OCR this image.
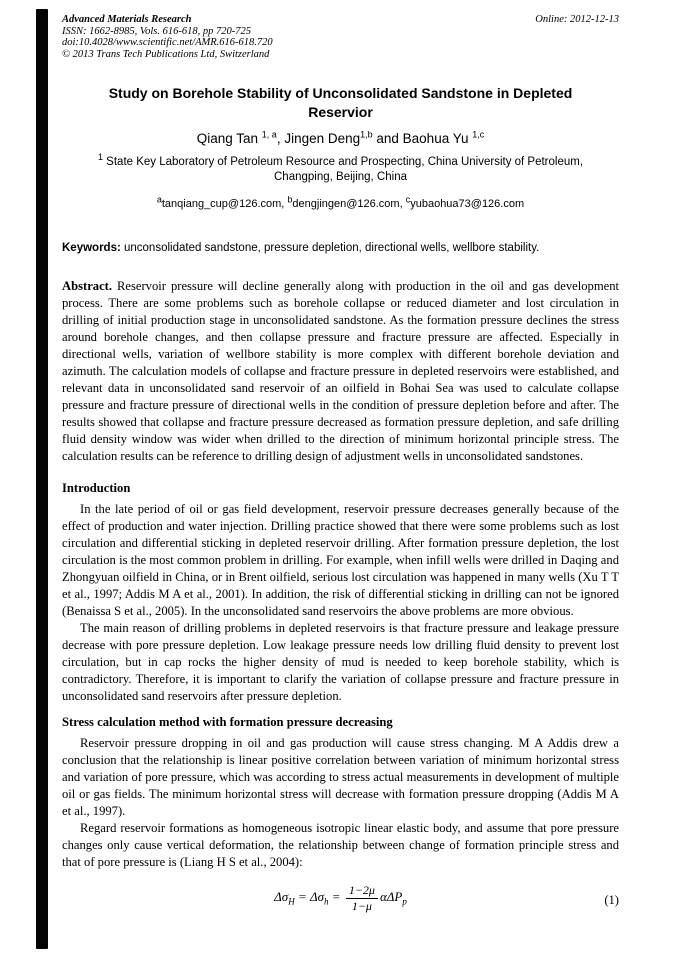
Advanced Materials Research	Online: 2012-12-13
ISSN: 1662-8985, Vols. 616-618, pp 720-725
doi:10.4028/www.scientific.net/AMR.616-618.720
© 2013 Trans Tech Publications Ltd, Switzerland
Study on Borehole Stability of Unconsolidated Sandstone in Depleted Reservior
Qiang Tan $^{1, a}$, Jingen Deng$^{1,b}$ and Baohua Yu $^{1,c}$
$^1$ State Key Laboratory of Petroleum Resource and Prospecting, China University of Petroleum,
Changping, Beijing, China
$^a$tanqiang_cup@126.com, $^b$dengjingen@126.com, $^c$yubaohua73@126.com
Keywords: unconsolidated sandstone, pressure depletion, directional wells, wellbore stability.
Abstract. Reservoir pressure will decline generally along with production in the oil and gas development process. There are some problems such as borehole collapse or reduced diameter and lost circulation in drilling of initial production stage in unconsolidated sandstone. As the formation pressure declines the stress around borehole changes, and then collapse pressure and fracture pressure are affected. Especially in directional wells, variation of wellbore stability is more complex with different borehole deviation and azimuth. The calculation models of collapse and fracture pressure in depleted reservoirs were established, and relevant data in unconsolidated sand reservoir of an oilfield in Bohai Sea was used to calculate collapse pressure and fracture pressure of directional wells in the condition of pressure depletion before and after. The results showed that collapse and fracture pressure decreased as formation pressure depletion, and safe drilling fluid density window was wider when drilled to the direction of minimum horizontal principle stress. The calculation results can be reference to drilling design of adjustment wells in unconsolidated sandstones.
Introduction

In the late period of oil or gas field development, reservoir pressure decreases generally because of the effect of production and water injection. Drilling practice showed that there were some problems such as lost circulation and differential sticking in depleted reservoir drilling. After formation pressure depletion, the lost circulation is the most common problem in drilling. For example, when infill wells were drilled in Daqing and Zhongyuan oilfield in China, or in Brent oilfield, serious lost circulation was happened in many wells (Xu T T et al., 1997; Addis M A et al., 2001). In addition, the risk of differential sticking in drilling can not be ignored (Benaissa S et al., 2005). In the unconsolidated sand reservoirs the above problems are more obvious.

The main reason of drilling problems in depleted reservoirs is that fracture pressure and leakage pressure decrease with pore pressure depletion. Low leakage pressure needs low drilling fluid density to prevent lost circulation, but in cap rocks the higher density of mud is needed to keep borehole stability, which is contradictory. Therefore, it is important to clarify the variation of collapse pressure and fracture pressure in unconsolidated sand reservoirs after pressure depletion.

Stress calculation method with formation pressure decreasing

Reservoir pressure dropping in oil and gas production will cause stress changing. M A Addis drew a conclusion that the relationship is linear positive correlation between variation of minimum horizontal stress and variation of pore pressure, which was according to stress actual measurements in development of multiple oil or gas fields. The minimum horizontal stress will decrease with formation pressure dropping (Addis M A et al., 1997).

Regard reservoir formations as homogeneous isotropic linear elastic body, and assume that pore pressure changes only cause vertical deformation, the relationship between change of formation principle stress and that of pore pressure is (Liang H S et al., 2004):

$\Delta\sigma_H = \Delta\sigma_h = \frac{1-2\mu}{1-\mu} \alpha\Delta P_p$	(1)
